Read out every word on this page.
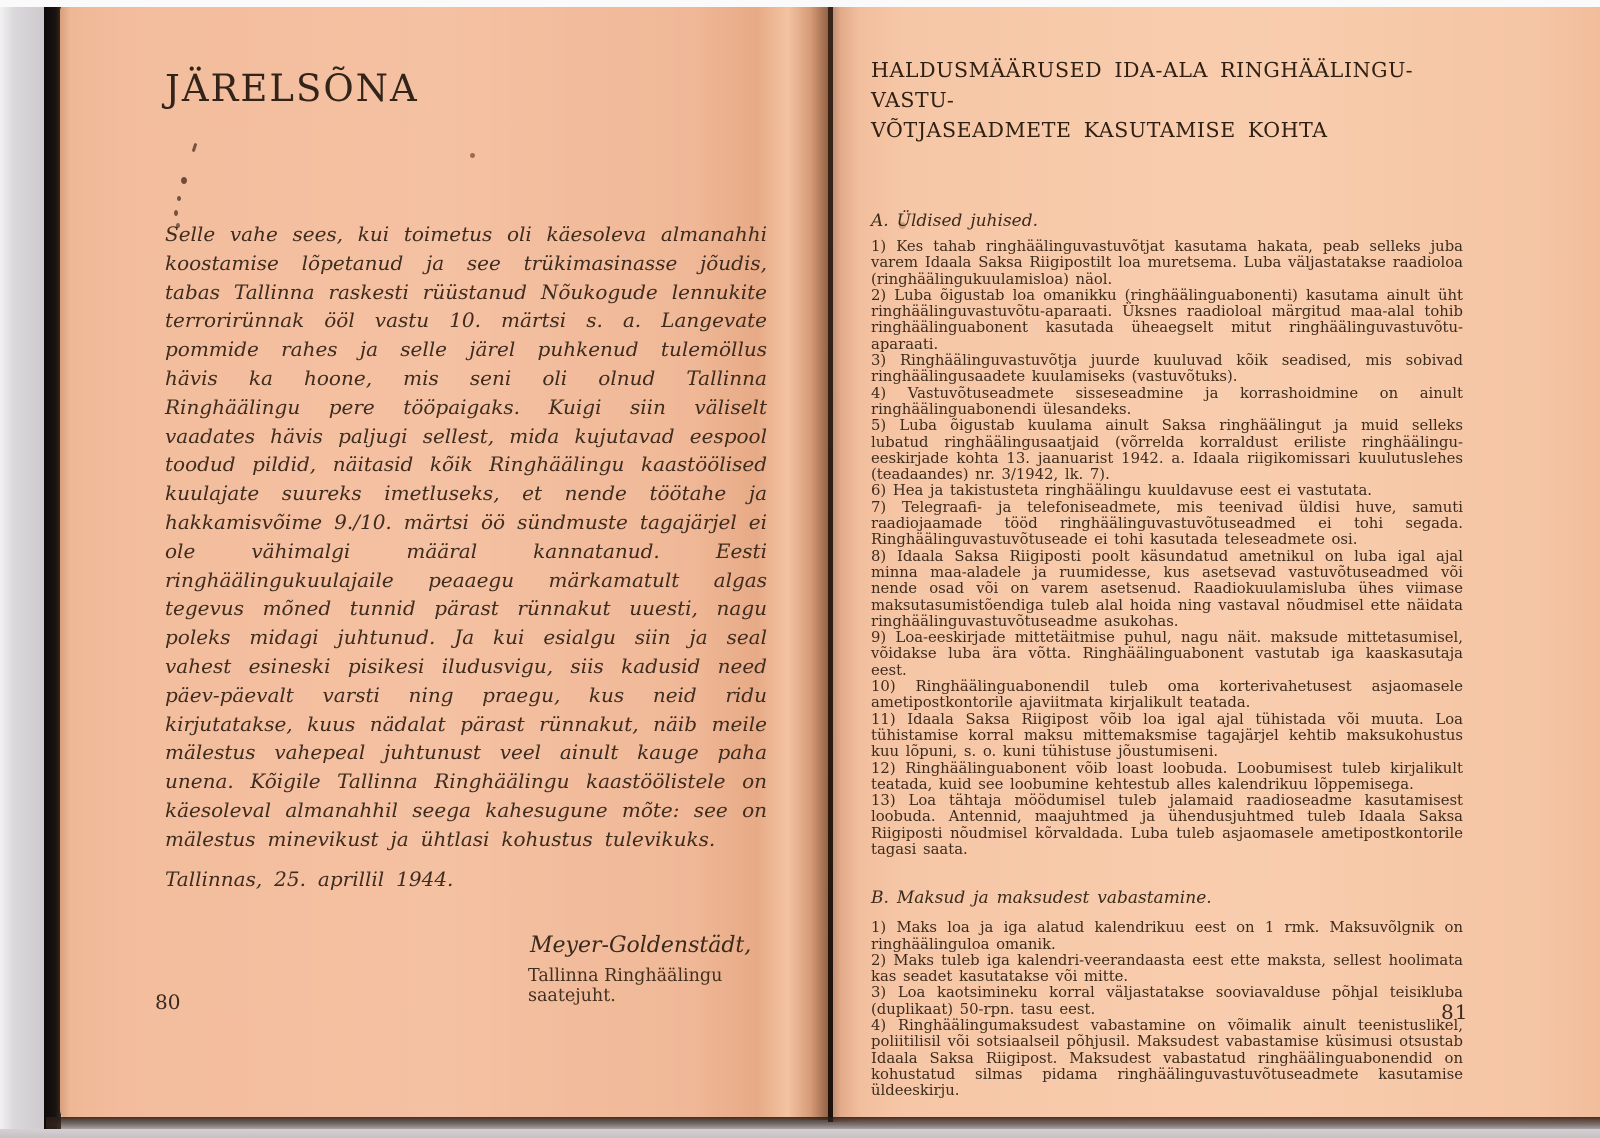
JÄRELSÕNA

Selle vahe sees, kui toimetus oli käesoleva almanahhi koostamise lõpetanud ja see trükimasinasse jõudis, tabas Tallinna raskesti rüüstanud Nõukogude lennukite terrorirünnak ööl vastu 10. märtsi s. a. Langevate pommide rahes ja selle järel puhkenud tulemöllus hävis ka hoone, mis seni oli olnud Tallinna Ringhäälingu pere tööpaigaks. Kuigi siin väliselt vaadates hävis paljugi sellest, mida kujutavad eespool toodud pildid, näitasid kõik Ringhäälingu kaastöölised kuulajate suureks imetluseks, et nende töötahe ja hakkamisvõime 9./10. märtsi öö sündmuste tagajärjel ei ole vähimalgi määral kannatanud. Eesti ringhäälingukuulajaile peaaegu märkamatult algas tegevus mõned tunnid pärast rünnakut uuesti, nagu poleks midagi juhtunud. Ja kui esialgu siin ja seal vahest esineski pisikesi iludusvigu, siis kadusid need päev-päevalt varsti ning praegu, kus neid ridu kirjutatakse, kuus nädalat pärast rünnakut, näib meile mälestus vahepeal juhtunust veel ainult kauge paha unena. Kõigile Tallinna Ringhäälingu kaastöölistele on käesoleval almanahhil seega kahesugune mõte: see on mälestus minevikust ja ühtlasi kohustus tulevikuks.

Tallinnas, 25. aprillil 1944.

Meyer-Goldenstädt,
Tallinna Ringhäälingu saatejuht.
80
HALDUSMÄÄRUSED IDA-ALA RINGHÄÄLINGU-VASTU-
VÕTJASEADMETE KASUTAMISE KOHTA
A. Üldised juhised.

1) Kes tahab ringhäälinguvastuvõtjat kasutama hakata, peab selleks juba varem Idaala Saksa Riigipostilt loa muretsema. Luba väljastatakse raadioloa (ringhäälingukuulamisloa) näol.

2) Luba õigustab loa omanikku (ringhäälinguabonenti) kasutama ainult üht ringhäälinguvastuvõtu-aparaati. Üksnes raadioloal märgitud maa-alal tohib ringhäälinguabonent kasutada üheaegselt mitut ringhäälinguvastuvõtu-aparaati.

3) Ringhäälinguvastuvõtja juurde kuuluvad kõik seadised, mis sobivad ringhäälingusaadete kuulamiseks (vastuvõtuks).

4) Vastuvõtuseadmete sisseseadmine ja korrashoidmine on ainult ringhäälinguabonendi ülesandeks.

5) Luba õigustab kuulama ainult Saksa ringhäälingut ja muid selleks lubatud ringhäälingusaatjaid (võrrelda korraldust eriliste ringhäälingu-eeskirjade kohta 13. jaanuarist 1942. a. Idaala riigikomissari kuulutuslehes (teadaandes) nr. 3/1942, lk. 7).

6) Hea ja takistusteta ringhäälingu kuuldavuse eest ei vastutata.

7) Telegraafi- ja telefoniseadmete, mis teenivad üldisi huve, samuti raadiojaamade tööd ringhäälinguvastuvõtuseadmed ei tohi segada. Ringhäälinguvastuvõtuseade ei tohi kasutada teleseadmete osi.

8) Idaala Saksa Riigiposti poolt käsundatud ametnikul on luba igal ajal minna maa-aladele ja ruumidesse, kus asetsevad vastuvõtuseadmed või nende osad või on varem asetsenud. Raadiokuulamisluba ühes viimase maksutasumistõendiga tuleb alal hoida ning vastaval nõudmisel ette näidata ringhäälinguvastuvõtuseadme asukohas.

9) Loa-eeskirjade mittetäitmise puhul, nagu näit. maksude mittetasumisel, võidakse luba ära võtta. Ringhäälinguabonent vastutab iga kaaskasutaja eest.

10) Ringhäälinguabonendil tuleb oma korterivahetusest asjaomasele ametipostkontorile ajaviitmata kirjalikult teatada.

11) Idaala Saksa Riigipost võib loa igal ajal tühistada või muuta. Loa tühistamise korral maksu mittemaksmise tagajärjel kehtib maksukohustus kuu lõpuni, s. o. kuni tühistuse jõustumiseni.

12) Ringhäälinguabonent võib loast loobuda. Loobumisest tuleb kirjalikult teatada, kuid see loobumine kehtestub alles kalendrikuu lõppemisega.

13) Loa tähtaja möödumisel tuleb jalamaid raadioseadme kasutamisest loobuda. Antennid, maajuhtmed ja ühendusjuhtmed tuleb Idaala Saksa Riigiposti nõudmisel kõrvaldada. Luba tuleb asjaomasele ametipostkontorile tagasi saata.

B. Maksud ja maksudest vabastamine.

1) Maks loa ja iga alatud kalendrikuu eest on 1 rmk. Maksuvõlgnik on ringhäälinguloa omanik.

2) Maks tuleb iga kalendri-veerandaasta eest ette maksta, sellest hoolimata kas seadet kasutatakse või mitte.

3) Loa kaotsimineku korral väljastatakse sooviavalduse põhjal teisikluba (duplikaat) 50-rpn. tasu eest.

4) Ringhäälingumaksudest vabastamine on võimalik ainult teenistuslikel, poliitilisil või sotsiaalseil põhjusil. Maksudest vabastamise küsimusi otsustab Idaala Saksa Riigipost. Maksudest vabastatud ringhäälinguabonendid on kohustatud silmas pidama ringhäälinguvastuvõtuseadmete kasutamise üldeeskirju.

81
